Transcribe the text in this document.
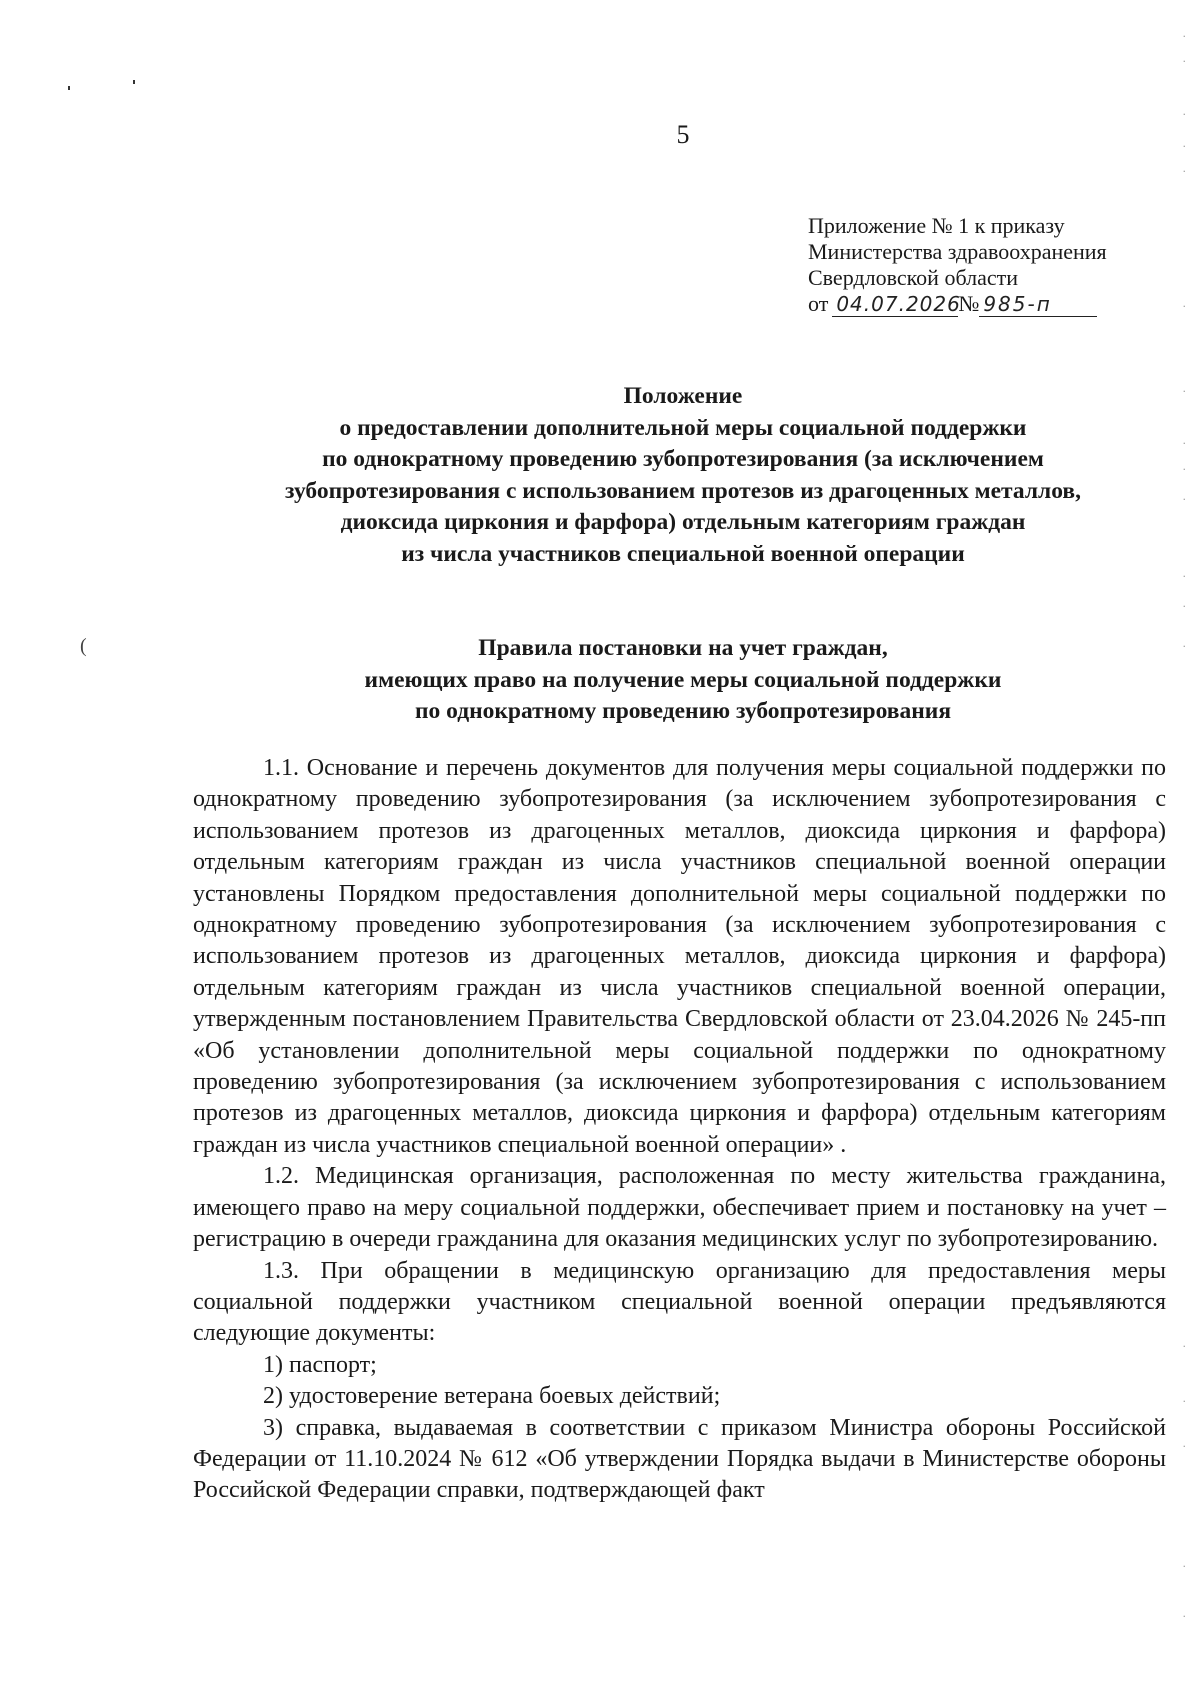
5
Приложение № 1 к приказу
Министерства здравоохранения
Свердловской области
от 04.07.2026
№ 985-п
Положение
о предоставлении дополнительной меры социальной поддержки
по однократному проведению зубопротезирования (за исключением
зубопротезирования с использованием протезов из драгоценных металлов,
диоксида циркония и фарфора) отдельным категориям граждан
из числа участников специальной военной операции
(	Правила постановки на учет граждан,
имеющих право на получение меры социальной поддержки
по однократному проведению зубопротезирования

1.1. Основание и перечень документов для получения меры социальной поддержки по однократному проведению зубопротезирования (за исключением зубопротезирования с использованием протезов из драгоценных металлов, диоксида циркония и фарфора) отдельным категориям граждан из числа участников специальной военной операции установлены Порядком предоставления дополнительной меры социальной поддержки по однократному проведению зубопротезирования (за исключением зубопротезирования с использованием протезов из драгоценных металлов, диоксида циркония и фарфора) отдельным категориям граждан из числа участников специальной военной операции, утвержденным постановлением Правительства Свердловской области от 23.04.2026 № 245-пп «Об установлении дополнительной меры социальной поддержки по однократному проведению зубопротезирования (за исключением зубопротезирования с использованием протезов из драгоценных металлов, диоксида циркония и фарфора) отдельным категориям граждан из числа участников специальной военной операции» .

1.2. Медицинская организация, расположенная по месту жительства гражданина, имеющего право на меру социальной поддержки, обеспечивает прием и постановку на учет – регистрацию в очереди гражданина для оказания медицинских услуг по зубопротезированию.

1.3. При обращении в медицинскую организацию для предоставления меры социальной поддержки участником специальной военной операции предъявляются следующие документы:

1) паспорт;

2) удостоверение ветерана боевых действий;

3) справка, выдаваемая в соответствии с приказом Министра обороны Российской Федерации от 11.10.2024 № 612 «Об утверждении Порядка выдачи в Министерстве обороны Российской Федерации справки, подтверждающей факт

·
·
·
·
·
·
·
·
·
·
·
·
·
·
·
·
·
·
